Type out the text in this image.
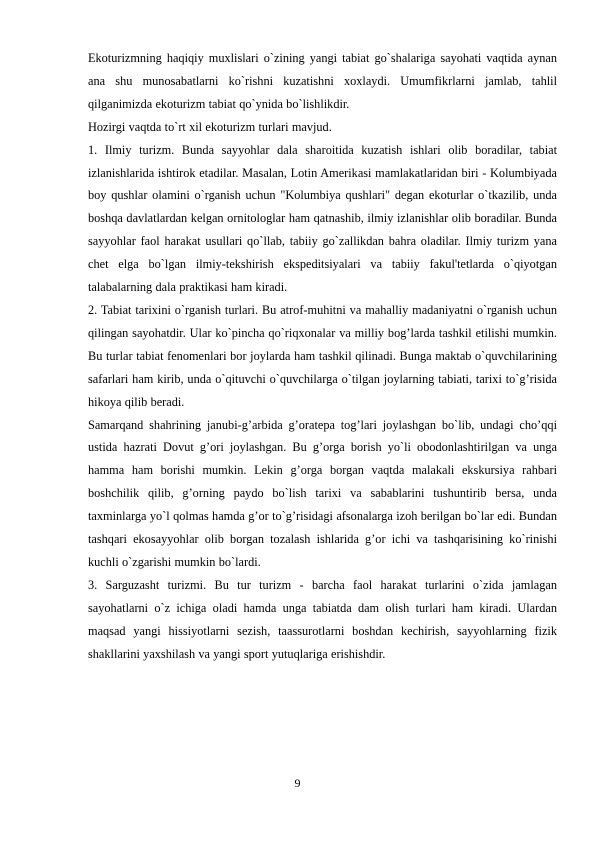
Ekoturizmning haqiqiy muxlislari o`zining yangi tabiat go`shalariga sayohati vaqtida aynan ana shu munosabatlarni ko`rishni kuzatishni xoxlaydi. Umumfikrlarni jamlab, tahlil qilganimizda ekoturizm tabiat qo`ynida bo`lishlikdir.

Hozirgi vaqtda to`rt xil ekoturizm turlari mavjud.

1. Ilmiy turizm. Bunda sayyohlar dala sharoitida kuzatish ishlari olib boradilar, tabiat izlanishlarida ishtirok etadilar. Masalan, Lotin Amerikasi mamlakatlaridan biri - Kolumbiyada boy qushlar olamini o`rganish uchun "Kolumbiya qushlari" degan ekoturlar o`tkazilib, unda boshqa davlatlardan kelgan ornitologlar ham qatnashib, ilmiy izlanishlar olib boradilar. Bunda sayyohlar faol harakat usullari qo`llab, tabiiy go`zallikdan bahra oladilar. Ilmiy turizm yana chet elga bo`lgan ilmiy-tekshirish ekspeditsiyalari va tabiiy fakul'tetlarda o`qiyotgan talabalarning dala praktikasi ham kiradi.

2. Tabiat tarixini o`rganish turlari. Bu atrof-muhitni va mahalliy madaniyatni o`rganish uchun qilingan sayohatdir. Ular ko`pincha qo`riqxonalar va milliy bog’larda tashkil etilishi mumkin. Bu turlar tabiat fenomenlari bor joylarda ham tashkil qilinadi. Bunga maktab o`quvchilarining safarlari ham kirib, unda o`qituvchi o`quvchilarga o`tilgan joylarning tabiati, tarixi to`g’risida hikoya qilib beradi.

Samarqand shahrining janubi-g’arbida g’oratepa tog’lari joylashgan bo`lib, undagi cho’qqi ustida hazrati Dovut g’ori joylashgan. Bu g’orga borish yo`li obodonlashtirilgan va unga hamma ham borishi mumkin. Lekin g’orga borgan vaqtda malakali ekskursiya rahbari boshchilik qilib, g’orning paydo bo`lish tarixi vа sabablarini tushuntirib bersa, unda taxminlarga yo`l qolmas hamda g’or to`g’risidagi afsonalarga izoh berilgan bo`lar edi. Bundan tashqari ekosayyohlar olib borgan tozalash ishlarida g’or ichi va tashqarisining ko`rinishi kuchli o`zgarishi mumkin bo`lardi.

3. Sarguzasht turizmi. Bu tur turizm - barcha faol harakat turlarini o`zida jamlagan sayohatlarni o`z ichiga oladi hamda unga tabiatda dam olish turlari ham kiradi. Ulardan maqsad yangi hissiyotlarni sezish, taassurotlarni boshdan kechirish, sayyohlarning fizik shakllarini yaxshilash va yangi sport yutuqlariga erishishdir.

9
